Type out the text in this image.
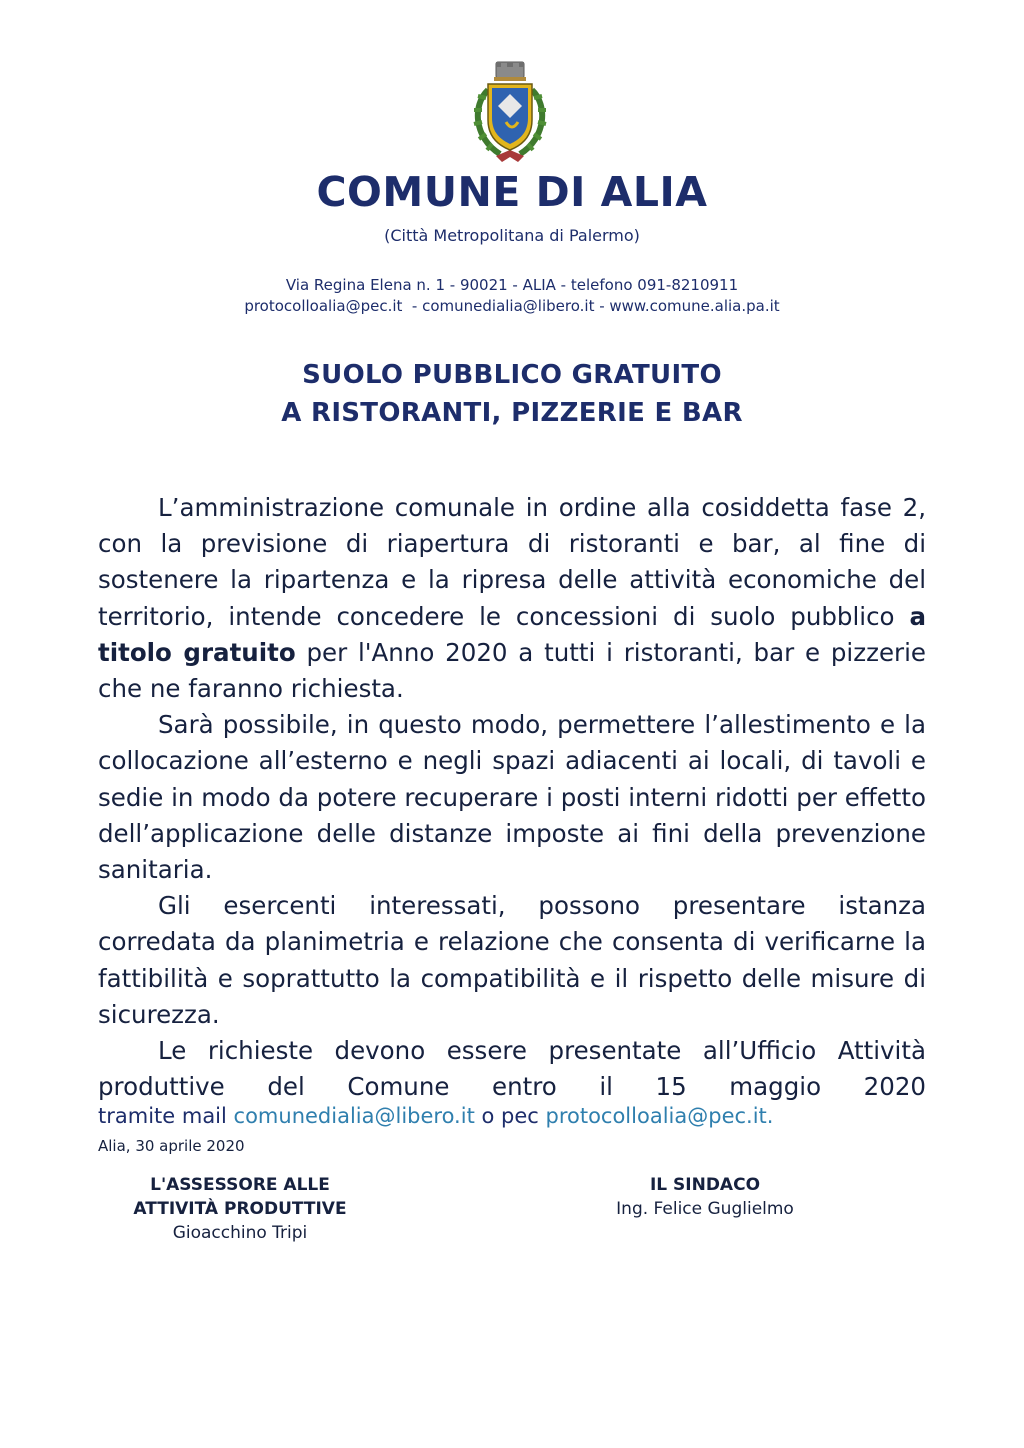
COMUNE DI ALIA
(Città Metropolitana di Palermo)
Via Regina Elena n. 1 - 90021 - ALIA - telefono 091-8210911
protocolloalia@pec.it  - comunedialia@libero.it - www.comune.alia.pa.it
SUOLO PUBBLICO GRATUITO
A RISTORANTI, PIZZERIE E BAR

L’amministrazione comunale in ordine alla cosiddetta fase 2, con la previsione di riapertura di ristoranti e bar, al fine di sostenere la ripartenza e la ripresa delle attività economiche del territorio, intende concedere le concessioni di suolo pubblico a titolo gratuito per l'Anno 2020 a tutti i ristoranti, bar e pizzerie che ne faranno richiesta.

Sarà possibile, in questo modo, permettere l’allestimento e la collocazione all’esterno e negli spazi adiacenti ai locali, di tavoli e sedie in modo da potere recuperare i posti interni ridotti per effetto dell’applicazione delle distanze imposte ai fini della prevenzione sanitaria.

Gli esercenti interessati, possono presentare istanza corredata da planimetria e relazione che consenta di verificarne la fattibilità e soprattutto la compatibilità e il rispetto delle misure di sicurezza.

Le richieste devono essere presentate all’Ufficio Attività produttive del Comune entro il 15 maggio 2020

tramite mail comunedialia@libero.it o pec protocolloalia@pec.it.
Alia, 30 aprile 2020
L'ASSESSORE ALLE
ATTIVITÀ PRODUTTIVE
Gioacchino Tripi
IL SINDACO
Ing. Felice Guglielmo
